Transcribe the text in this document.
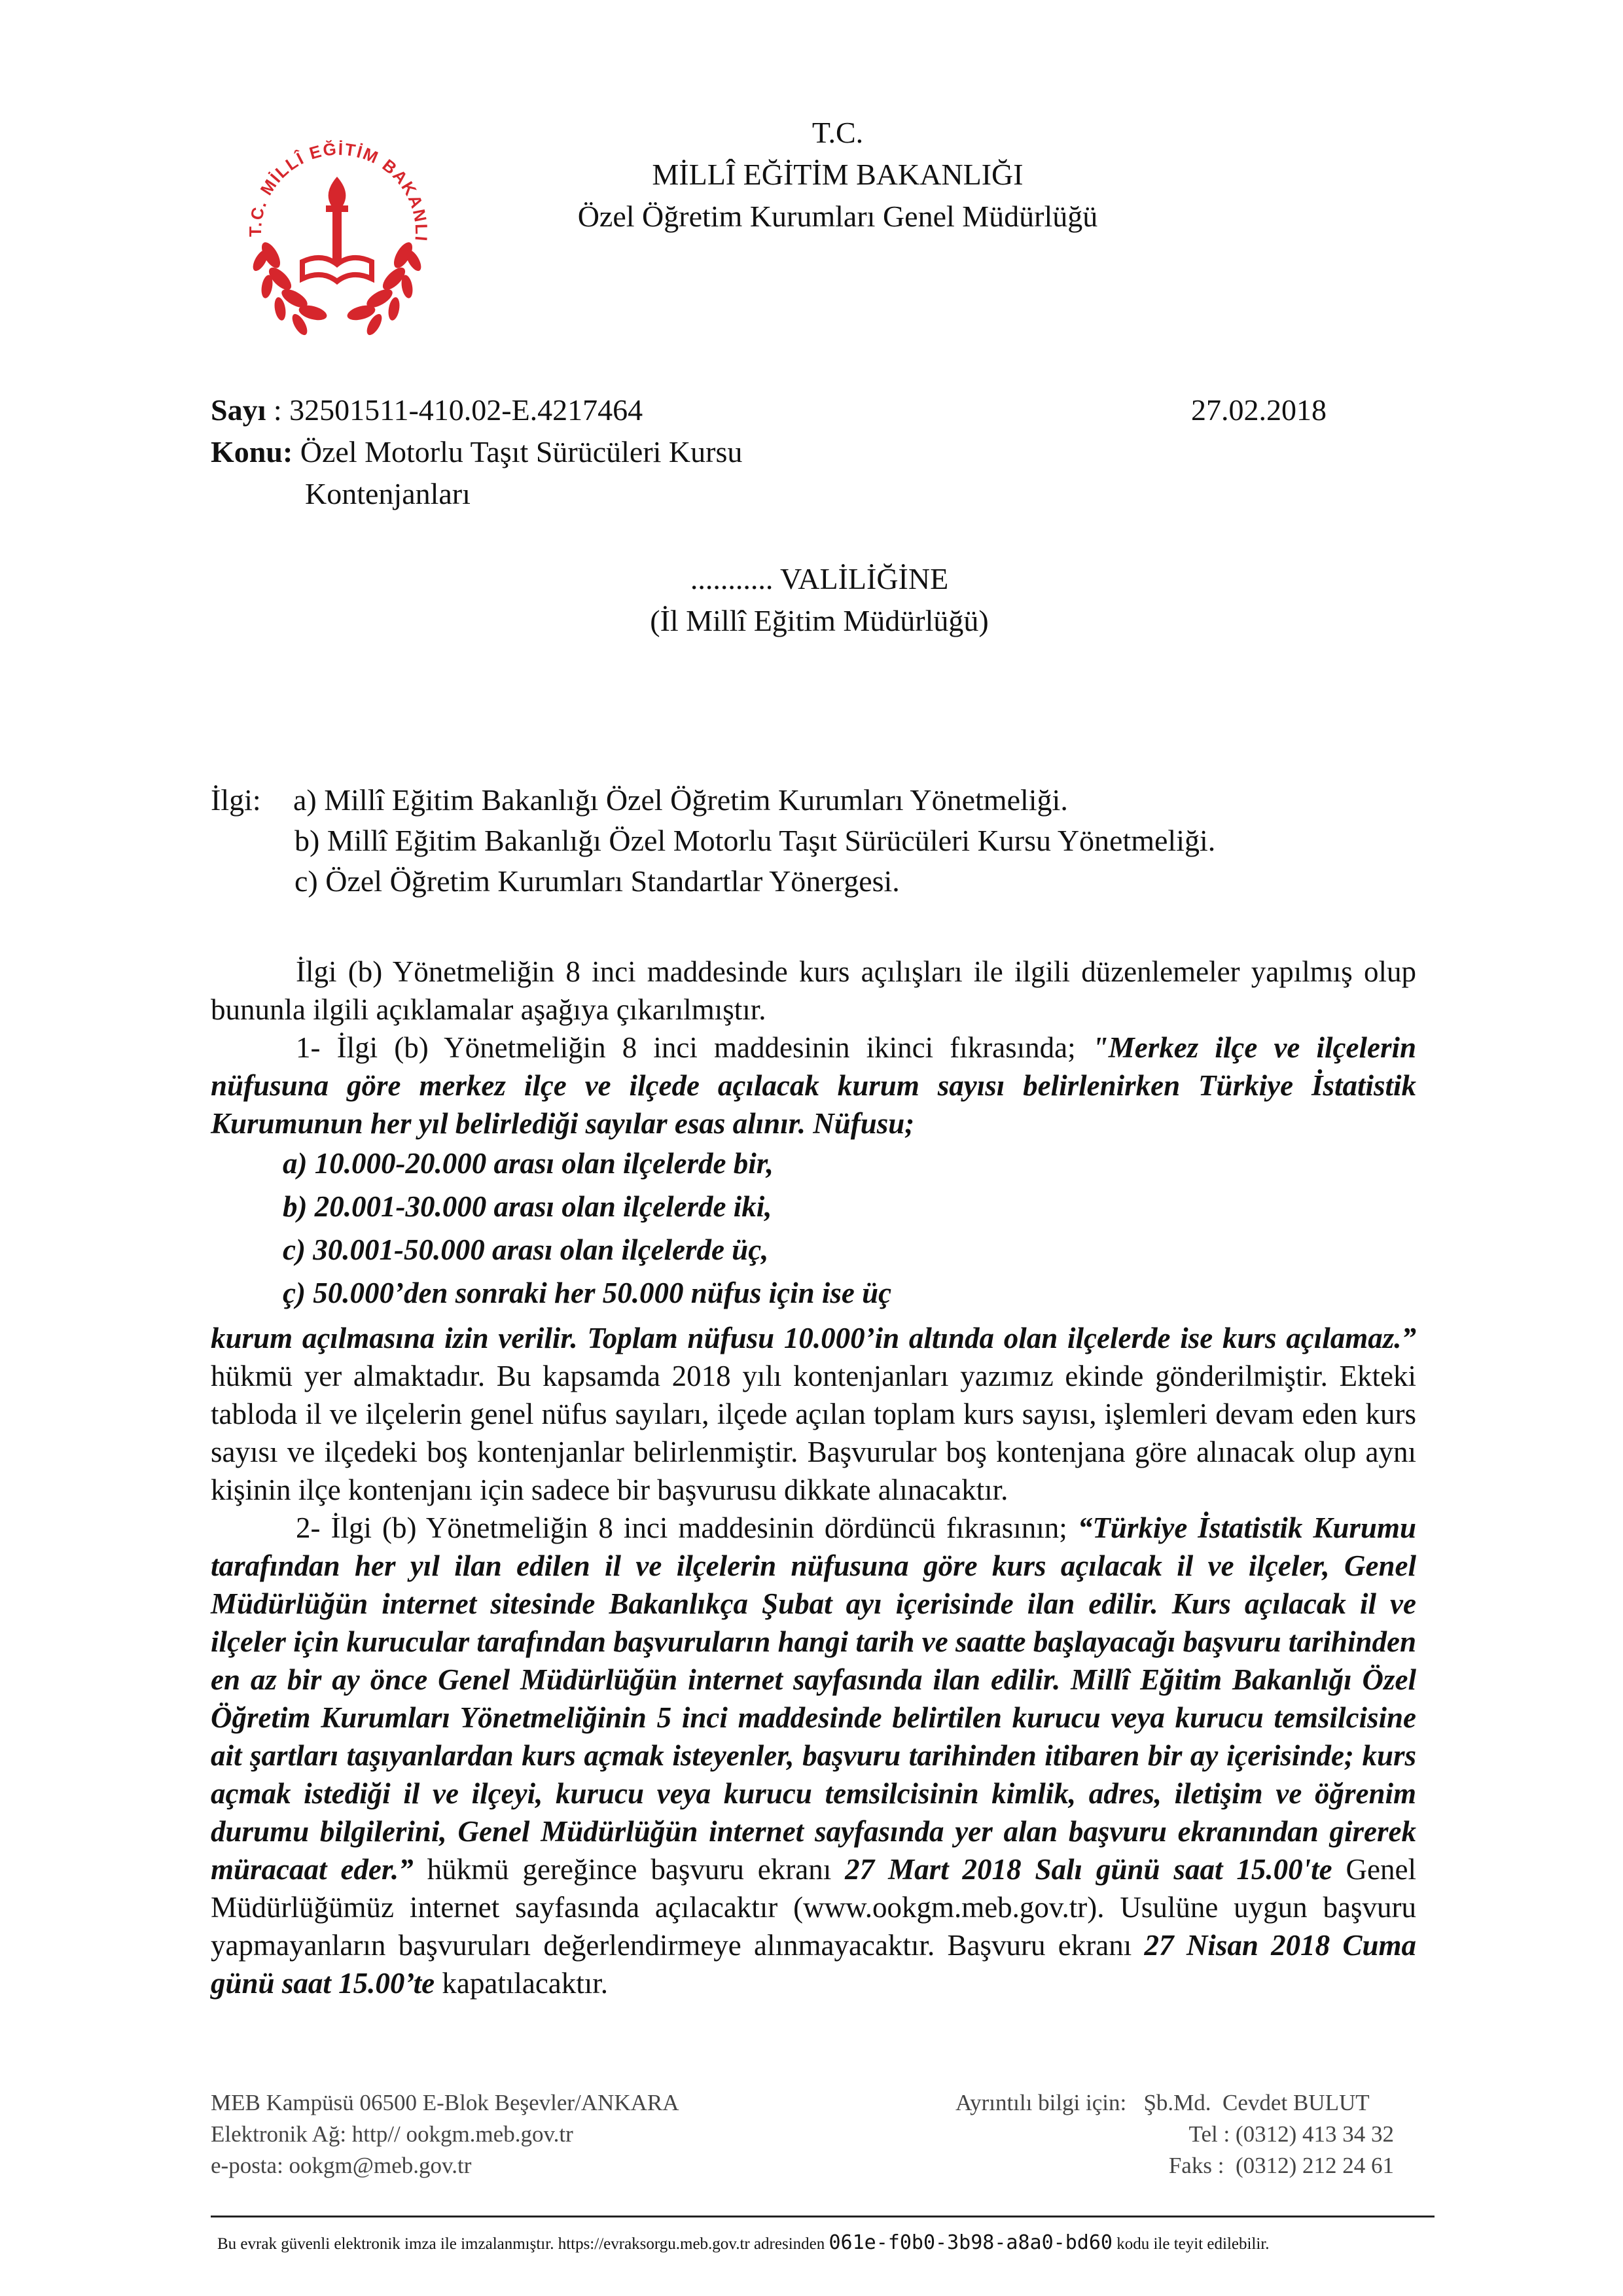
T.C. MİLLÎ EĞİTİM BAKANLI
T.C.
MİLLÎ EĞİTİM BAKANLIĞI
Özel Öğretim Kurumları Genel Müdürlüğü
Sayı : 32501511-410.02-E.4217464	27.02.2018
Konu: Özel Motorlu Taşıt Sürücüleri Kursu
Kontenjanları
........... VALİLİĞİNE
(İl Millî Eğitim Müdürlüğü)
İlgi: a) Millî Eğitim Bakanlığı Özel Öğretim Kurumları Yönetmeliği.
b) Millî Eğitim Bakanlığı Özel Motorlu Taşıt Sürücüleri Kursu Yönetmeliği.
c) Özel Öğretim Kurumları Standartlar Yönergesi.

İlgi (b) Yönetmeliğin 8 inci maddesinde kurs açılışları ile ilgili düzenlemeler yapılmış olup bununla ilgili açıklamalar aşağıya çıkarılmıştır.

1- İlgi (b) Yönetmeliğin 8 inci maddesinin ikinci fıkrasında; "Merkez ilçe ve ilçelerin nüfusuna göre merkez ilçe ve ilçede açılacak kurum sayısı belirlenirken Türkiye İstatistik Kurumunun her yıl belirlediği sayılar esas alınır. Nüfusu;

a) 10.000-20.000 arası olan ilçelerde bir,
b) 20.001-30.000 arası olan ilçelerde iki,
c) 30.001-50.000 arası olan ilçelerde üç,
ç) 50.000’den sonraki her 50.000 nüfus için ise üç

kurum açılmasına izin verilir. Toplam nüfusu 10.000’in altında olan ilçelerde ise kurs açılamaz.” hükmü yer almaktadır. Bu kapsamda 2018 yılı kontenjanları yazımız ekinde gönderilmiştir. Ekteki tabloda il ve ilçelerin genel nüfus sayıları, ilçede açılan toplam kurs sayısı, işlemleri devam eden kurs sayısı ve ilçedeki boş kontenjanlar belirlenmiştir. Başvurular boş kontenjana göre alınacak olup aynı kişinin ilçe kontenjanı için sadece bir başvurusu dikkate alınacaktır.

2- İlgi (b) Yönetmeliğin 8 inci maddesinin dördüncü fıkrasının; “Türkiye İstatistik Kurumu tarafından her yıl ilan edilen il ve ilçelerin nüfusuna göre kurs açılacak il ve ilçeler, Genel Müdürlüğün internet sitesinde Bakanlıkça Şubat ayı içerisinde ilan edilir. Kurs açılacak il ve ilçeler için kurucular tarafından başvuruların hangi tarih ve saatte başlayacağı başvuru tarihinden en az bir ay önce Genel Müdürlüğün internet sayfasında ilan edilir. Millî Eğitim Bakanlığı Özel Öğretim Kurumları Yönetmeliğinin 5 inci maddesinde belirtilen kurucu veya kurucu temsilcisine ait şartları taşıyanlardan kurs açmak isteyenler, başvuru tarihinden itibaren bir ay içerisinde; kurs açmak istediği il ve ilçeyi, kurucu veya kurucu temsilcisinin kimlik, adres, iletişim ve öğrenim durumu bilgilerini, Genel Müdürlüğün internet sayfasında yer alan başvuru ekranından girerek müracaat eder.” hükmü gereğince başvuru ekranı 27 Mart 2018 Salı günü saat 15.00'te Genel Müdürlüğümüz internet sayfasında açılacaktır (www.ookgm.meb.gov.tr). Usulüne uygun başvuru yapmayanların başvuruları değerlendirmeye alınmayacaktır. Başvuru ekranı 27 Nisan 2018 Cuma günü saat 15.00’te kapatılacaktır.

MEB Kampüsü 06500 E-Blok Beşevler/ANKARA
Elektronik Ağ: http// ookgm.meb.gov.tr
e-posta: ookgm@meb.gov.tr
Ayrıntılı bilgi için:   Şb.Md.  Cevdet BULUT
Tel : (0312) 413 34 32
Faks :  (0312) 212 24 61
Bu evrak güvenli elektronik imza ile imzalanmıştır. https://evraksorgu.meb.gov.tr adresinden 061e-f0b0-3b98-a8a0-bd60 kodu ile teyit edilebilir.
